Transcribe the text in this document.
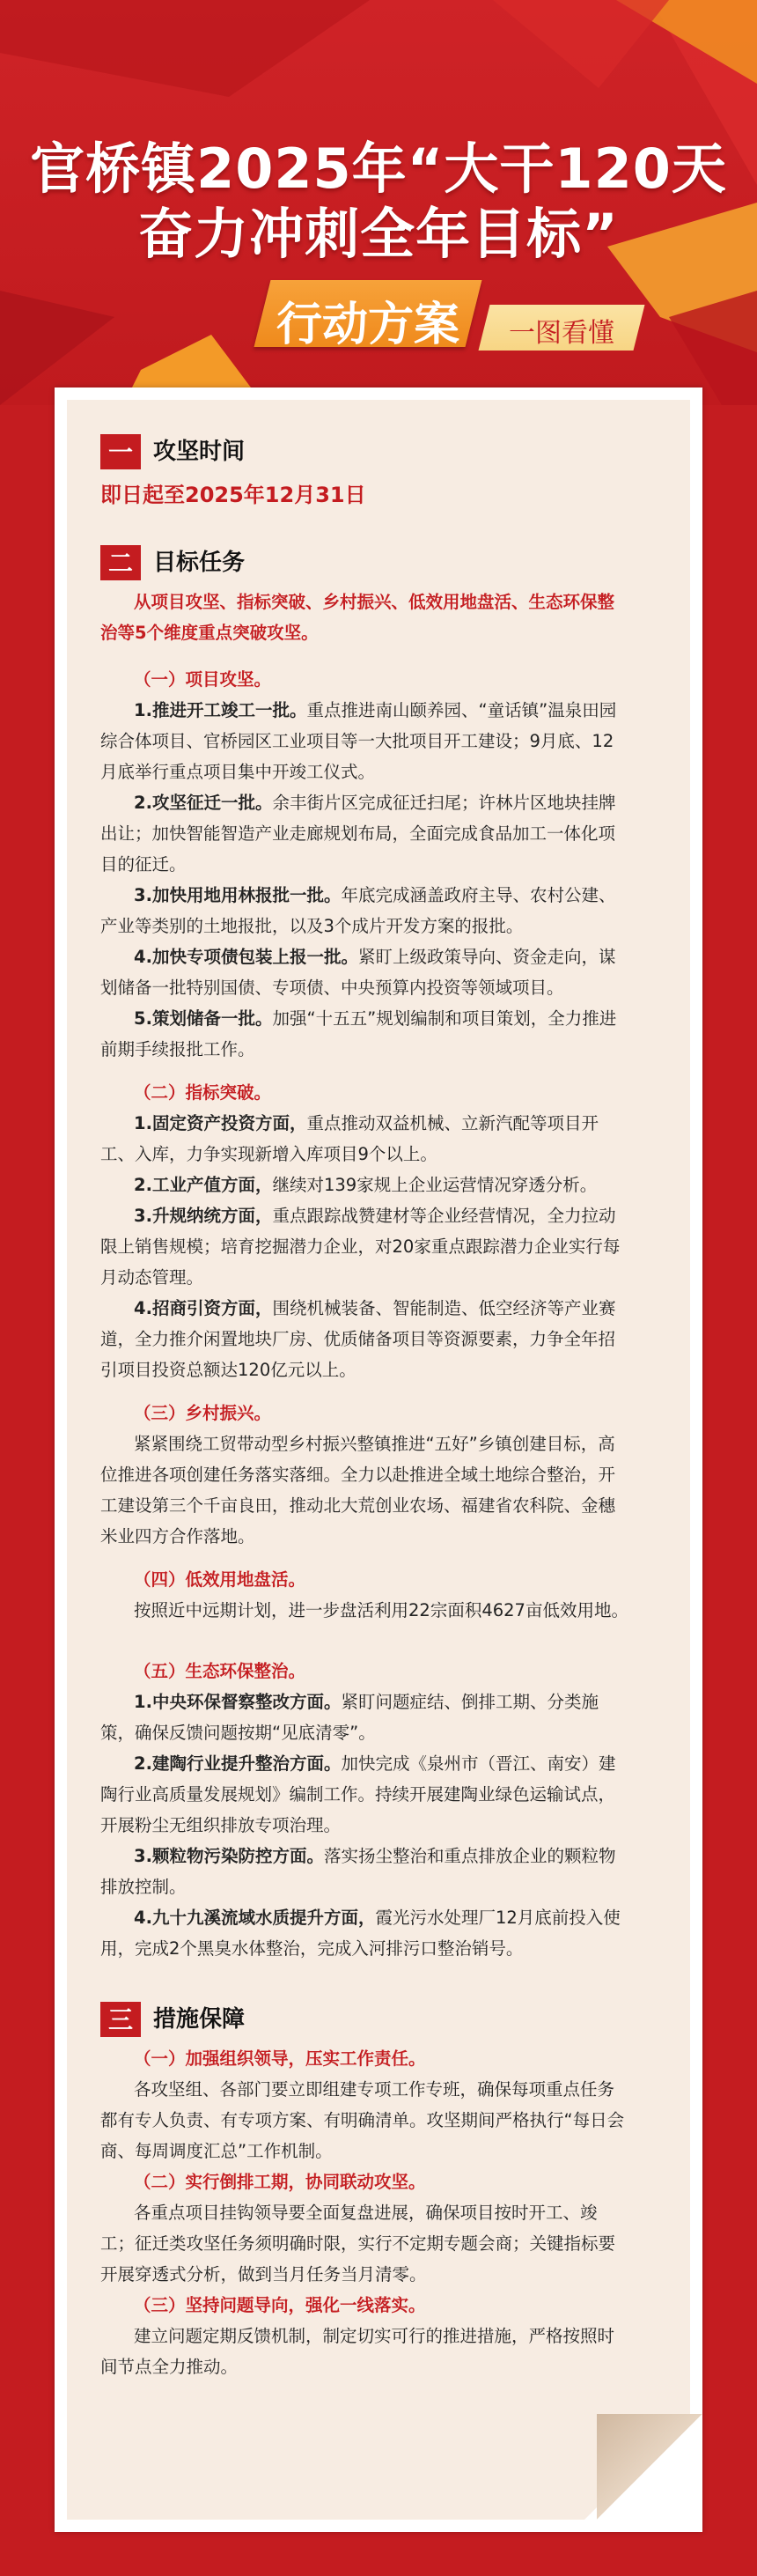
官桥镇2025年“大干120天
奋力冲刺全年目标”
行动方案	一图看懂
一 攻坚时间
即日起至2025年12月31日
二 目标任务

从项目攻坚、指标突破、乡村振兴、低效用地盘活、生态环保整治等5个维度重点突破攻坚。

（一）项目攻坚。

1.推进开工竣工一批。重点推进南山颐养园、“童话镇”温泉田园综合体项目、官桥园区工业项目等一大批项目开工建设；9月底、12月底举行重点项目集中开竣工仪式。

2.攻坚征迁一批。余丰街片区完成征迁扫尾；许林片区地块挂牌出让；加快智能智造产业走廊规划布局，全面完成食品加工一体化项目的征迁。

3.加快用地用林报批一批。年底完成涵盖政府主导、农村公建、产业等类别的土地报批，以及3个成片开发方案的报批。

4.加快专项债包装上报一批。紧盯上级政策导向、资金走向，谋划储备一批特别国债、专项债、中央预算内投资等领域项目。

5.策划储备一批。加强“十五五”规划编制和项目策划，全力推进前期手续报批工作。

（二）指标突破。

1.固定资产投资方面，重点推动双益机械、立新汽配等项目开工、入库，力争实现新增入库项目9个以上。

2.工业产值方面，继续对139家规上企业运营情况穿透分析。

3.升规纳统方面，重点跟踪战赞建材等企业经营情况，全力拉动限上销售规模；培育挖掘潜力企业，对20家重点跟踪潜力企业实行每月动态管理。

4.招商引资方面，围绕机械装备、智能制造、低空经济等产业赛道，全力推介闲置地块厂房、优质储备项目等资源要素，力争全年招引项目投资总额达120亿元以上。

（三）乡村振兴。

紧紧围绕工贸带动型乡村振兴整镇推进“五好”乡镇创建目标，高位推进各项创建任务落实落细。全力以赴推进全域土地综合整治，开工建设第三个千亩良田，推动北大荒创业农场、福建省农科院、金穗米业四方合作落地。

（四）低效用地盘活。

按照近中远期计划，进一步盘活利用22宗面积4627亩低效用地。

（五）生态环保整治。

1.中央环保督察整改方面。紧盯问题症结、倒排工期、分类施策，确保反馈问题按期“见底清零”。

2.建陶行业提升整治方面。加快完成《泉州市（晋江、南安）建陶行业高质量发展规划》编制工作。持续开展建陶业绿色运输试点，开展粉尘无组织排放专项治理。

3.颗粒物污染防控方面。落实扬尘整治和重点排放企业的颗粒物排放控制。

4.九十九溪流域水质提升方面，霞光污水处理厂12月底前投入使用，完成2个黑臭水体整治，完成入河排污口整治销号。

三 措施保障

（一）加强组织领导，压实工作责任。

各攻坚组、各部门要立即组建专项工作专班，确保每项重点任务都有专人负责、有专项方案、有明确清单。攻坚期间严格执行“每日会商、每周调度汇总”工作机制。

（二）实行倒排工期，协同联动攻坚。

各重点项目挂钩领导要全面复盘进展，确保项目按时开工、竣工；征迁类攻坚任务须明确时限，实行不定期专题会商；关键指标要开展穿透式分析，做到当月任务当月清零。

（三）坚持问题导向，强化一线落实。

建立问题定期反馈机制，制定切实可行的推进措施，严格按照时间节点全力推动。
